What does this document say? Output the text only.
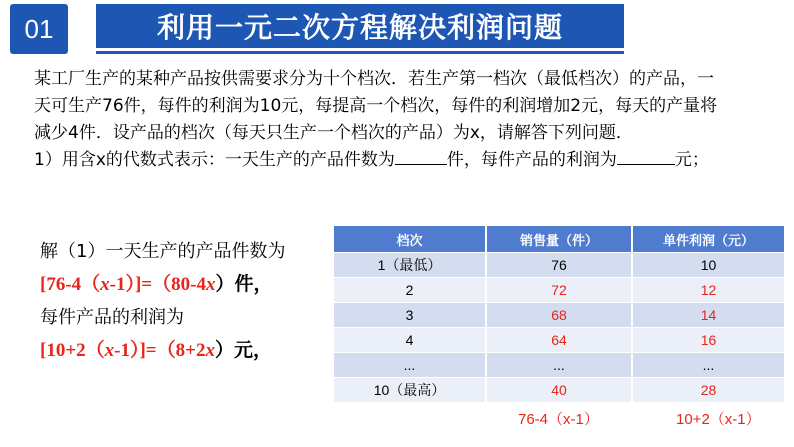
01	利用一元二次方程解决利润问题

某工厂生产的某种产品按供需要求分为十个档次．若生产第一档次（最低档次）的产品，一

天可生产76件，每件的利润为10元，每提高一个档次，每件的利润增加2元，每天的产量将

减少4件．设产品的档次（每天只生产一个档次的产品）为x，请解答下列问题．

1）用含x的代数式表示：一天生产的产品件数为	件，每件产品的利润为	元；

解（1）一天生产的产品件数为

[76-4（x-1）]=（80-4x）件，

每件产品的利润为

[10+2（x-1）]=（8+2x）元，

档次	销售量（件）	单件利润（元）
1（最低）	76	10
2	72	12
3	68	14
4	64	16
...	...	...
10（最高）	40	28
76-4（x-1）	10+2（x-1）
